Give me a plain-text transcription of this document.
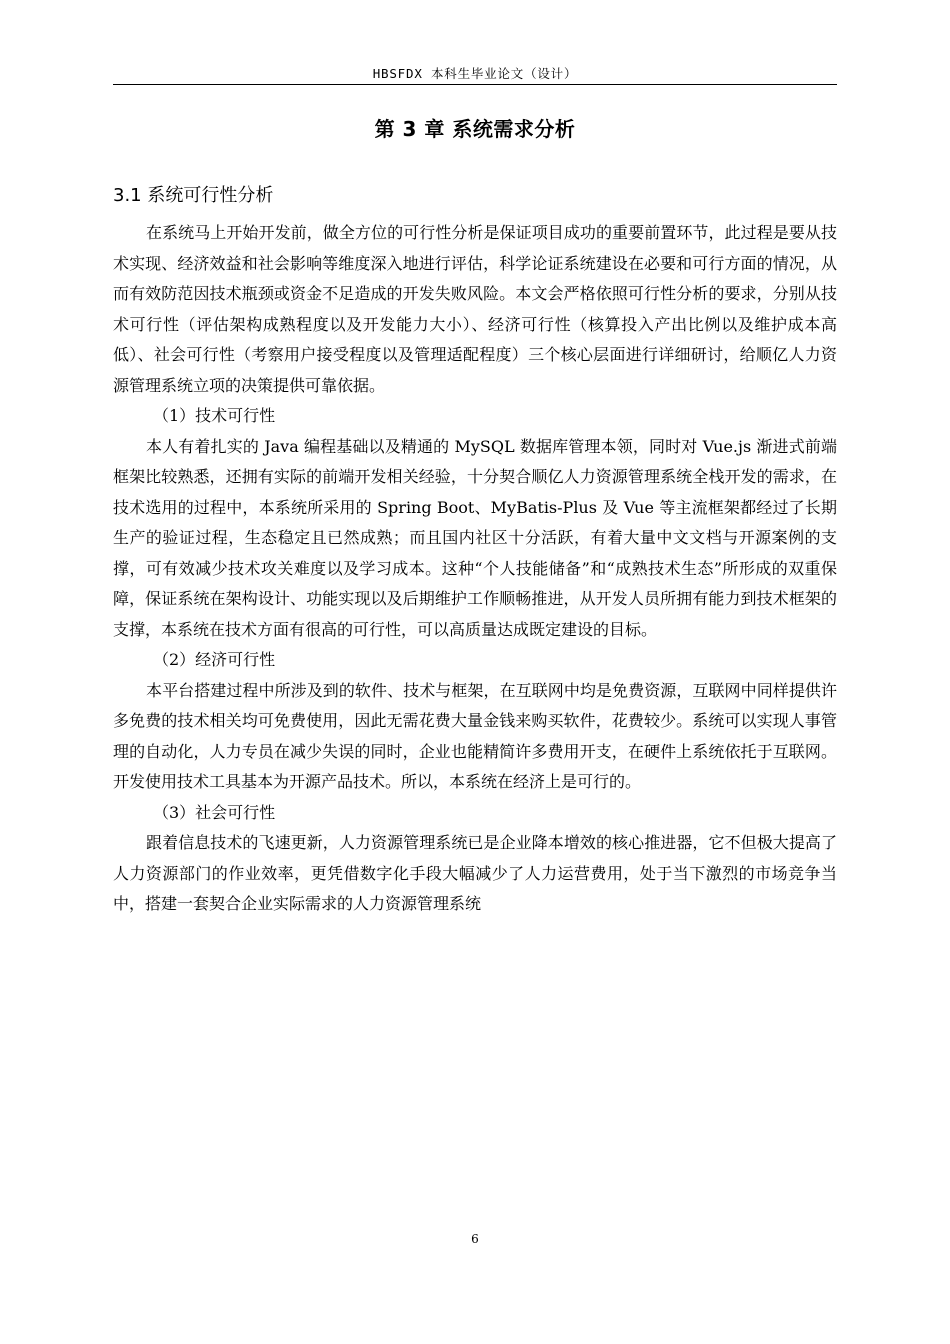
HBSFDX 本科生毕业论文（设计）
第 3 章 系统需求分析
3.1 系统可行性分析

在系统马上开始开发前，做全方位的可行性分析是保证项目成功的重要前置环节，此过程是要从技术实现、经济效益和社会影响等维度深入地进行评估，科学论证系统建设在必要和可行方面的情况，从而有效防范因技术瓶颈或资金不足造成的开发失败风险。本文会严格依照可行性分析的要求，分别从技术可行性（评估架构成熟程度以及开发能力大小）、经济可行性（核算投入产出比例以及维护成本高低）、社会可行性（考察用户接受程度以及管理适配程度）三个核心层面进行详细研讨，给顺亿人力资源管理系统立项的决策提供可靠依据。

（1）技术可行性

本人有着扎实的 Java 编程基础以及精通的 MySQL 数据库管理本领，同时对 Vue.js 渐进式前端框架比较熟悉，还拥有实际的前端开发相关经验，十分契合顺亿人力资源管理系统全栈开发的需求，在技术选用的过程中，本系统所采用的 Spring Boot、MyBatis-Plus 及 Vue 等主流框架都经过了长期生产的验证过程，生态稳定且已然成熟；而且国内社区十分活跃，有着大量中文文档与开源案例的支撑，可有效减少技术攻关难度以及学习成本。这种“个人技能储备”和“成熟技术生态”所形成的双重保障，保证系统在架构设计、功能实现以及后期维护工作顺畅推进，从开发人员所拥有能力到技术框架的支撑，本系统在技术方面有很高的可行性，可以高质量达成既定建设的目标。

（2）经济可行性

本平台搭建过程中所涉及到的软件、技术与框架，在互联网中均是免费资源，互联网中同样提供许多免费的技术相关均可免费使用，因此无需花费大量金钱来购买软件，花费较少。系统可以实现人事管理的自动化，人力专员在减少失误的同时，企业也能精简许多费用开支，在硬件上系统依托于互联网。开发使用技术工具基本为开源产品技术。所以，本系统在经济上是可行的。

（3）社会可行性

跟着信息技术的飞速更新，人力资源管理系统已是企业降本增效的核心推进器，它不但极大提高了人力资源部门的作业效率，更凭借数字化手段大幅减少了人力运营费用，处于当下激烈的市场竞争当中，搭建一套契合企业实际需求的人力资源管理系统

6
